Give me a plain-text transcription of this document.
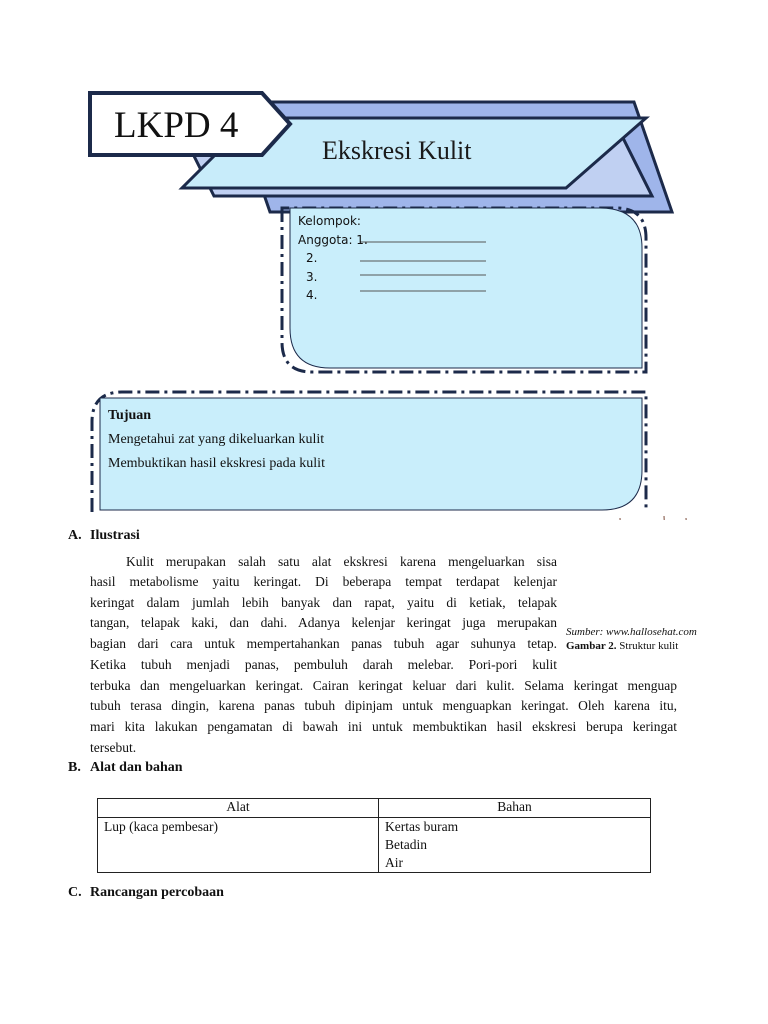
LKPD 4
Ekskresi Kulit
Kelompok:
Anggota: 1.
2.
3.
4.
Tujuan
Mengetahui zat yang dikeluarkan kulit
Membuktikan hasil ekskresi pada kulit
A. Ilustrasi
Kulit merupakan salah satu alat ekskresi karena mengeluarkan sisa
hasil metabolisme yaitu keringat. Di beberapa tempat terdapat kelenjar
keringat dalam jumlah lebih banyak dan rapat, yaitu di ketiak, telapak
tangan, telapak kaki, dan dahi. Adanya kelenjar keringat juga merupakan
bagian dari cara untuk mempertahankan panas tubuh agar suhunya tetap.
Ketika tubuh menjadi panas, pembuluh darah melebar. Pori-pori kulit
terbuka dan mengeluarkan keringat. Cairan keringat keluar dari kulit. Selama keringat menguap
tubuh terasa dingin, karena panas tubuh dipinjam untuk menguapkan keringat. Oleh karena itu,
mari kita lakukan pengamatan di bawah ini untuk membuktikan hasil ekskresi berupa keringat
tersebut.
Sumber: www.hallosehat.com
Gambar 2. Struktur kulit
B. Alat dan bahan
Alat	Bahan

Lup (kaca pembesar)	Kertas buram
Betadin
Air
C. Rancangan percobaan
